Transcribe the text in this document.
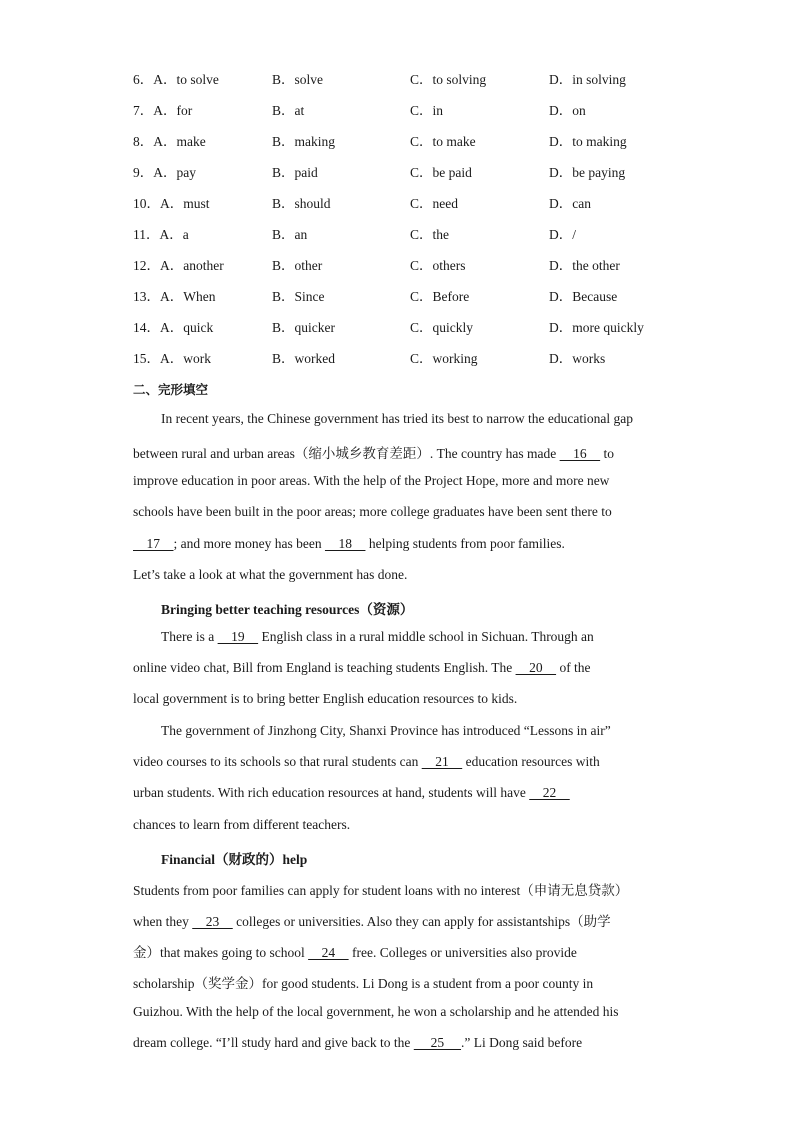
6．A．to solve	B．solve	C．to solving	D．in solving
7．A．for	B．at	C．in	D．on
8．A．make	B．making	C．to make	D．to making
9．A．pay	B．paid	C．be paid	D．be paying
10．A．must	B．should	C．need	D．can
11．A．a	B．an	C．the	D．/
12．A．another	B．other	C．others	D．the other
13．A．When	B．Since	C．Before	D．Because
14．A．quick	B．quicker	C．quickly	D．more quickly
15．A．work	B．worked	C．working	D．works
二、完形填空
In recent years, the Chinese government has tried its best to narrow the educational gap
between rural and urban areas（缩小城乡教育差距）. The country has made     16     to
improve education in poor areas. With the help of the Project Hope, more and more new
schools have been built in the poor areas; more college graduates have been sent there to
17    ; and more money has been     18     helping students from poor families.
Let’s take a look at what the government has done.
Bringing better teaching resources（资源）
There is a     19     English class in a rural middle school in Sichuan. Through an
online video chat, Bill from England is teaching students English. The     20     of the
local government is to bring better English education resources to kids.
The government of Jinzhong City, Shanxi Province has introduced “Lessons in air”
video courses to its schools so that rural students can     21     education resources with
urban students. With rich education resources at hand, students will have     22
chances to learn from different teachers.
Financial（财政的）help
Students from poor families can apply for student loans with no interest（申请无息贷款）
when they     23     colleges or universities. Also they can apply for assistantships（助学
金）that makes going to school     24     free. Colleges or universities also provide
scholarship（奖学金）for good students. Li Dong is a student from a poor county in
Guizhou. With the help of the local government, he won a scholarship and he attended his
dream college. “I’ll study hard and give back to the      25     .” Li Dong said before
